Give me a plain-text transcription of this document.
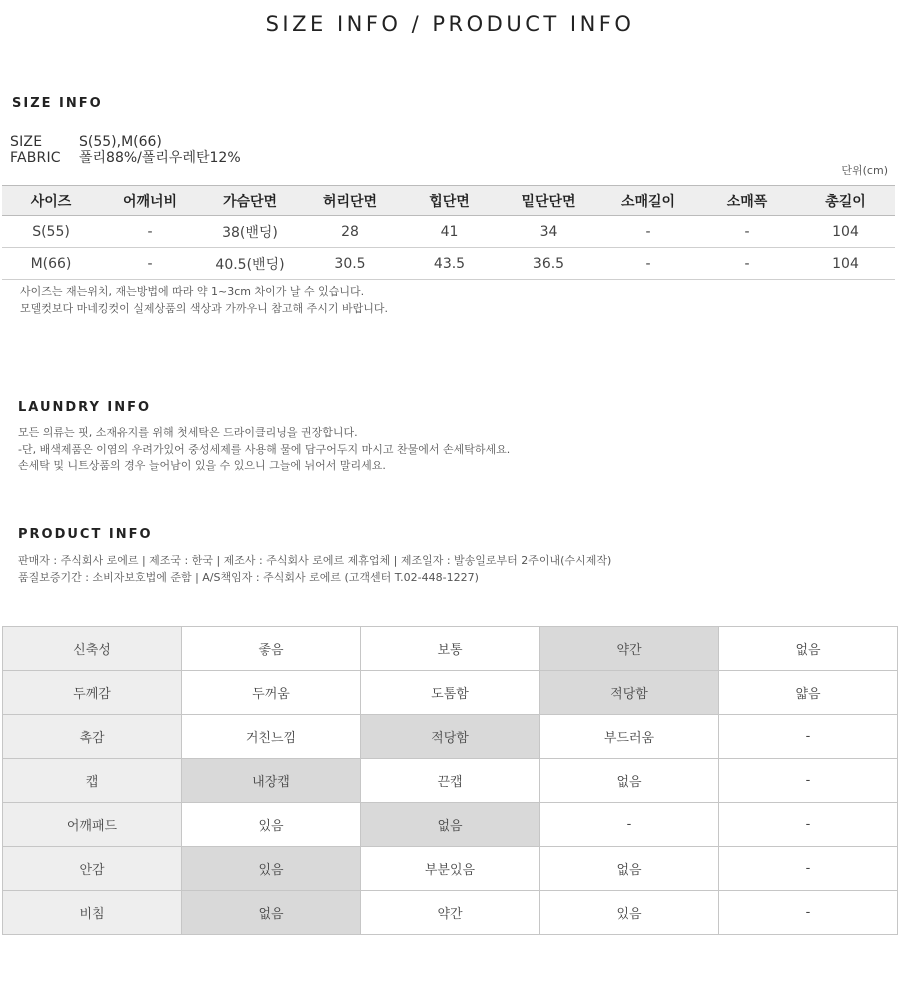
SIZE INFO / PRODUCT INFO
SIZE INFO
SIZE	S(55),M(66)
FABRIC	폴리88%/폴리우레탄12%
단위(cm)
사이즈	어깨너비	가슴단면	허리단면	힙단면	밑단단면	소매길이	소매폭	총길이
S(55)	-	38(밴딩)	28	41	34	-	-	104
M(66)	-	40.5(밴딩)	30.5	43.5	36.5	-	-	104
사이즈는 재는위치, 재는방법에 따라 약 1~3cm 차이가 날 수 있습니다.
모델컷보다 마네킹컷이 실제상품의 색상과 가까우니 참고해 주시기 바랍니다.
LAUNDRY INFO
모든 의류는 핏, 소재유지를 위해 첫세탁은 드라이클리닝을 권장합니다.
-단, 배색제품은 이염의 우려가있어 중성세제를 사용해 물에 담구어두지 마시고 찬물에서 손세탁하세요.
손세탁 및 니트상품의 경우 늘어남이 있을 수 있으니 그늘에 뉘어서 말리세요.
PRODUCT INFO
판매자 : 주식회사 로에르 | 제조국 : 한국 | 제조사 : 주식회사 로에르 제휴업체 | 제조일자 : 발송일로부터 2주이내(수시제작)
품질보증기간 : 소비자보호법에 준함 | A/S책임자 : 주식회사 로에르 (고객센터 T.02-448-1227)
신축성	좋음	보통	약간	없음
두께감	두꺼움	도톰함	적당함	얇음
촉감	거친느낌	적당함	부드러움	-
캡	내장캡	끈캡	없음	-
어깨패드	있음	없음	-	-
안감	있음	부분있음	없음	-
비침	없음	약간	있음	-
